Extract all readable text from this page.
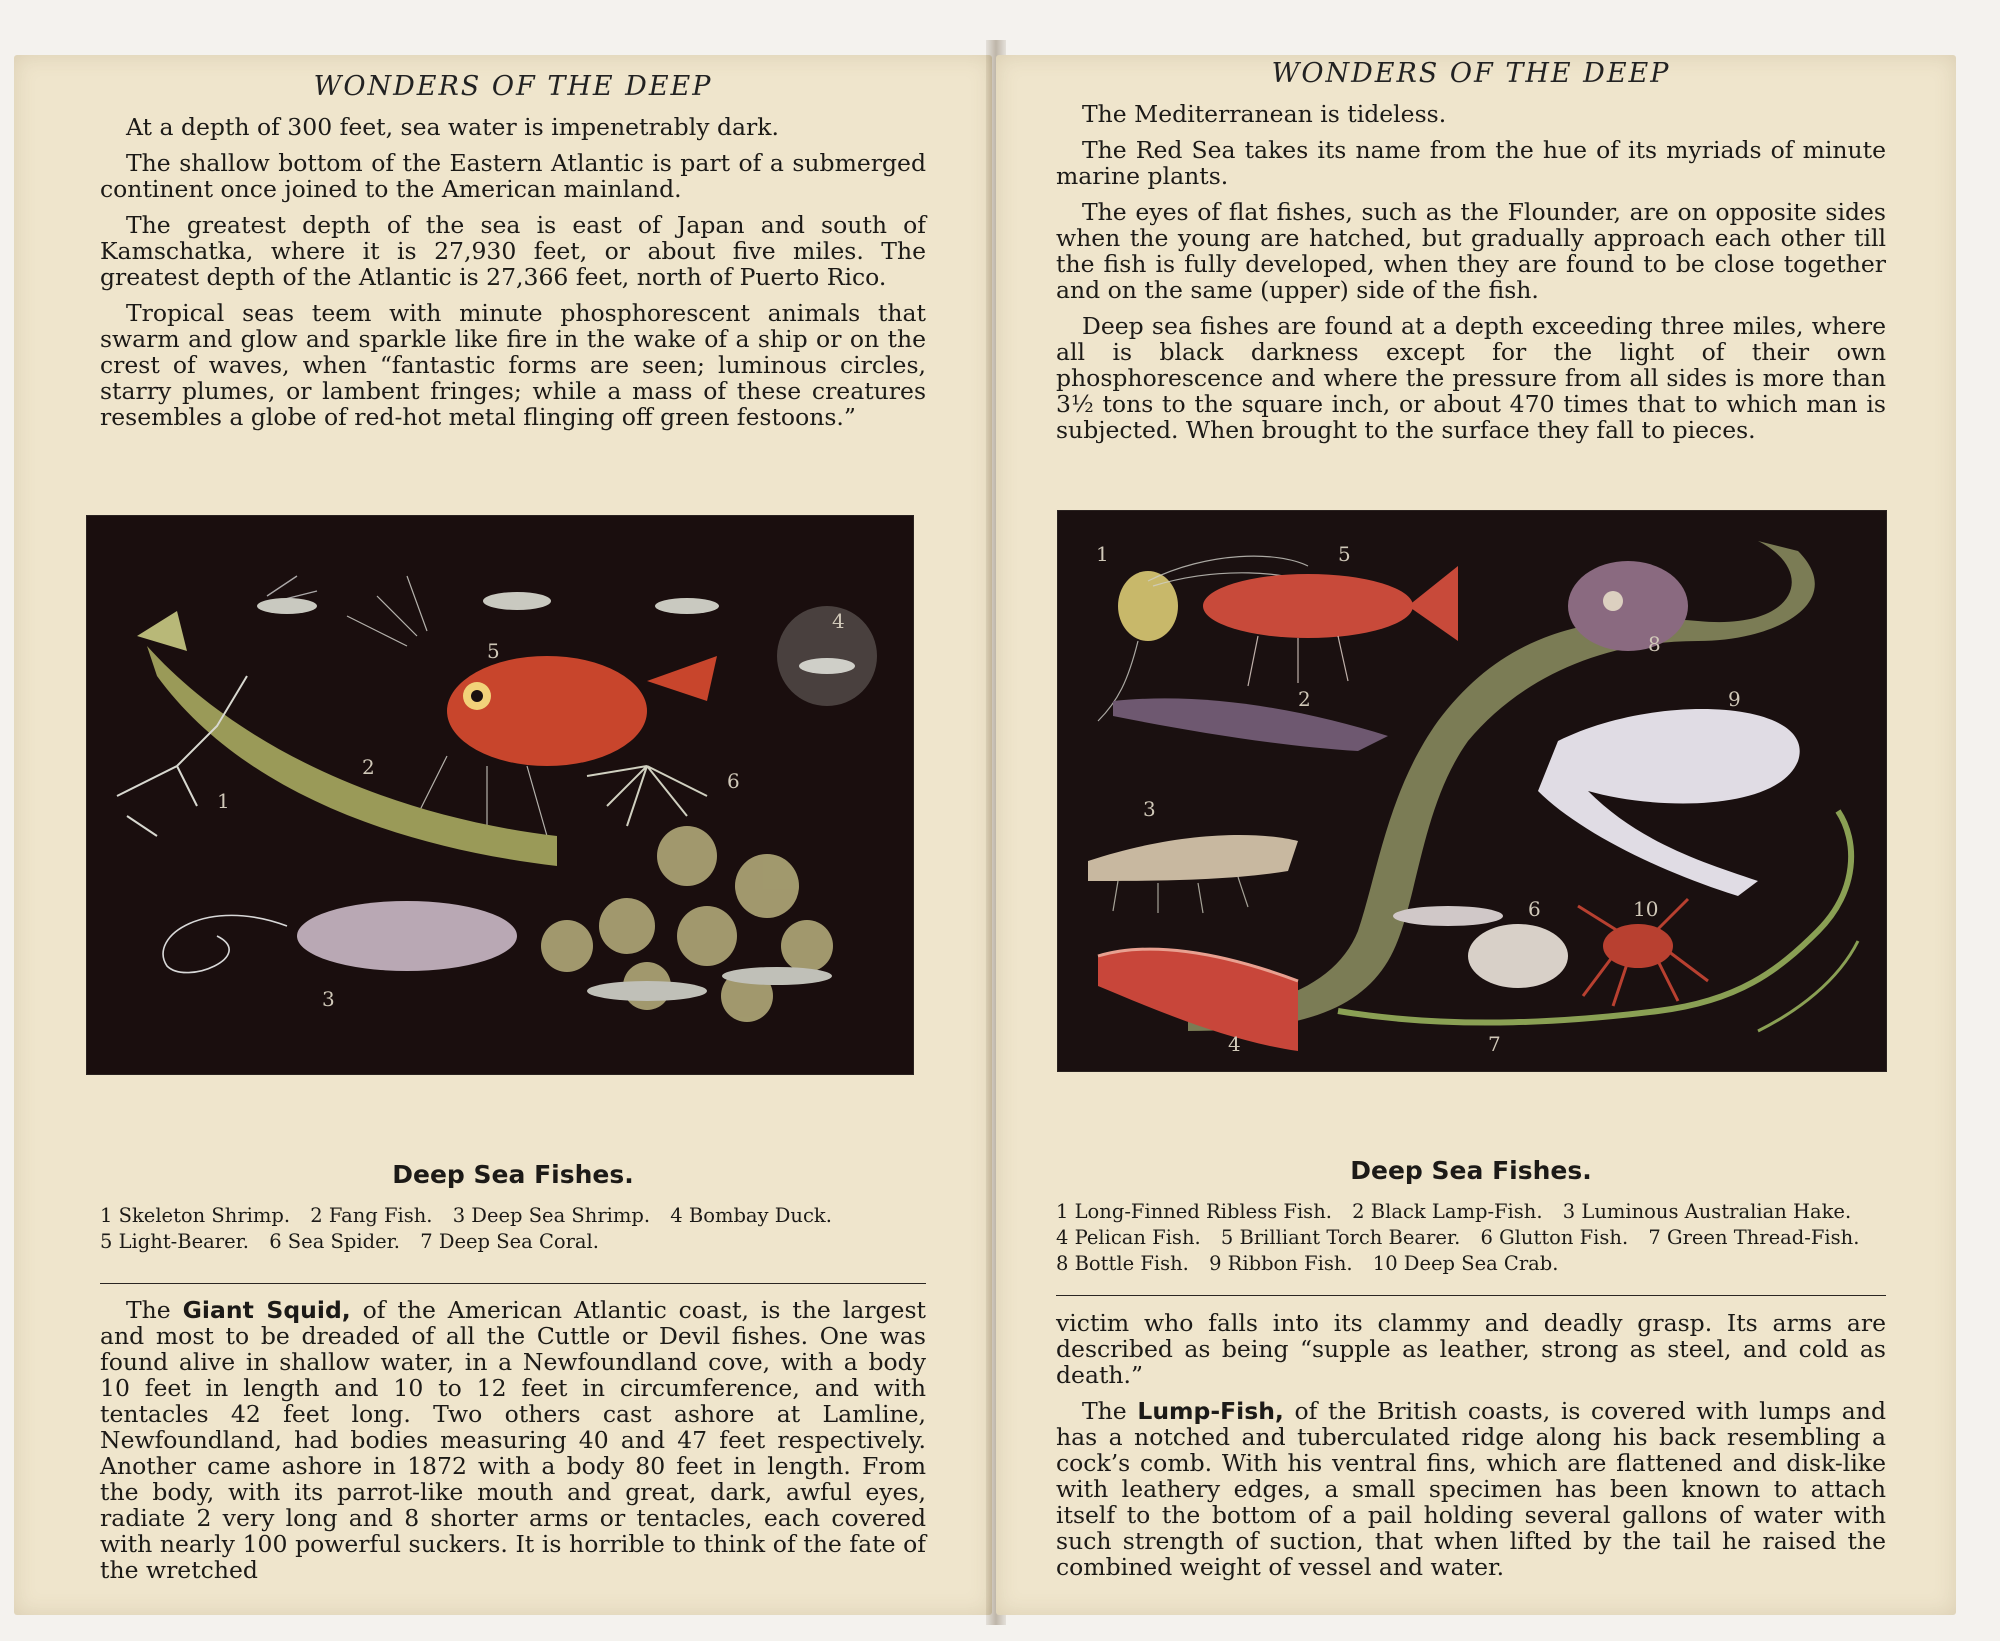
WONDERS OF THE DEEP

At a depth of 300 feet, sea water is impenetrably dark.

The shallow bottom of the Eastern Atlantic is part of a submerged continent once joined to the American mainland.

The greatest depth of the sea is east of Japan and south of Kamschatka, where it is 27,930 feet, or about five miles. The greatest depth of the Atlantic is 27,366 feet, north of Puerto Rico.

Tropical seas teem with minute phosphorescent animals that swarm and glow and sparkle like fire in the wake of a ship or on the crest of waves, when “fantastic forms are seen; luminous circles, starry plumes, or lambent fringes; while a mass of these creatures resembles a globe of red-hot metal flinging off green festoons.”

5
4
2
6
1
3
Deep Sea Fishes.
1 Skeleton Shrimp. 2 Fang Fish. 3 Deep Sea Shrimp. 4 Bombay Duck. 5 Light-Bearer. 6 Sea Spider. 7 Deep Sea Coral.

The Giant Squid, of the American Atlantic coast, is the largest and most to be dreaded of all the Cuttle or Devil fishes. One was found alive in shallow water, in a Newfoundland cove, with a body 10 feet in length and 10 to 12 feet in circumference, and with tentacles 42 feet long. Two others cast ashore at Lamline, Newfoundland, had bodies measuring 40 and 47 feet respectively. Another came ashore in 1872 with a body 80 feet in length. From the body, with its parrot-like mouth and great, dark, awful eyes, radiate 2 very long and 8 shorter arms or tentacles, each covered with nearly 100 powerful suckers. It is horrible to think of the fate of the wretched

WONDERS OF THE DEEP

The Mediterranean is tideless.

The Red Sea takes its name from the hue of its myriads of minute marine plants.

The eyes of flat fishes, such as the Flounder, are on opposite sides when the young are hatched, but gradually approach each other till the fish is fully developed, when they are found to be close together and on the same (upper) side of the fish.

Deep sea fishes are found at a depth exceeding three miles, where all is black darkness except for the light of their own phosphorescence and where the pressure from all sides is more than 3½ tons to the square inch, or about 470 times that to which man is subjected. When brought to the surface they fall to pieces.

1	5
8
2	9
3
6	10
4	7
Deep Sea Fishes.
1 Long-Finned Ribless Fish. 2 Black Lamp-Fish. 3 Luminous Australian Hake. 4 Pelican Fish. 5 Brilliant Torch Bearer. 6 Glutton Fish. 7 Green Thread-Fish. 8 Bottle Fish. 9 Ribbon Fish. 10 Deep Sea Crab.

victim who falls into its clammy and deadly grasp. Its arms are described as being “supple as leather, strong as steel, and cold as death.”

The Lump-Fish, of the British coasts, is covered with lumps and has a notched and tuberculated ridge along his back resembling a cock’s comb. With his ventral fins, which are flattened and disk-like with leathery edges, a small specimen has been known to attach itself to the bottom of a pail holding several gallons of water with such strength of suction, that when lifted by the tail he raised the combined weight of vessel and water.
